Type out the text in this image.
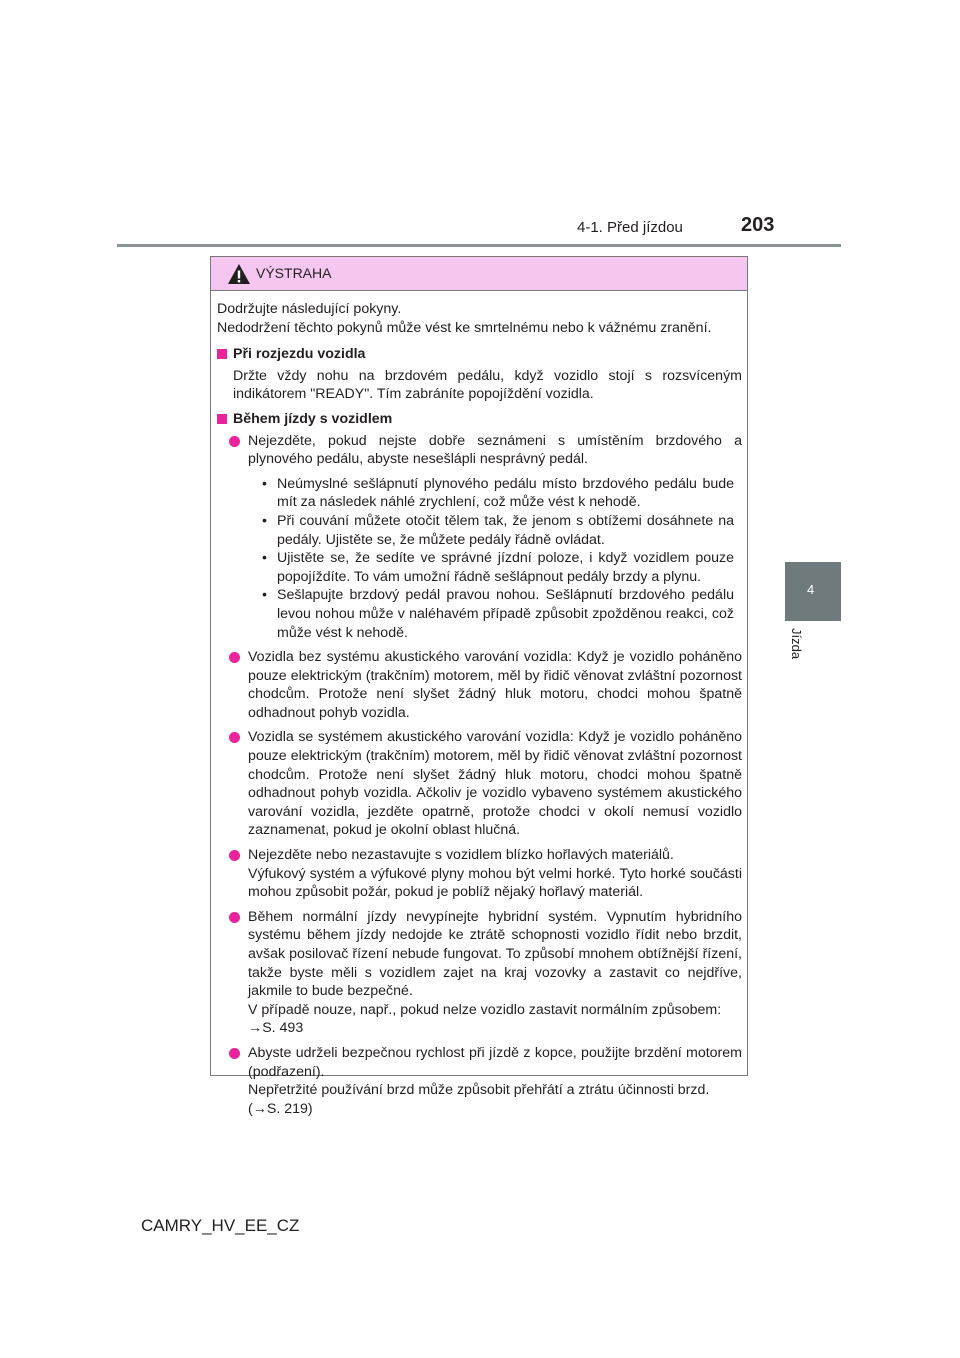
4-1. Před jízdou	203
4
Jízda
VÝSTRAHA

Dodržujte následující pokyny.

Nedodržení těchto pokynů může vést ke smrtelnému nebo k vážnému zranění.

Při rozjezdu vozidla

Držte vždy nohu na brzdovém pedálu, když vozidlo stojí s rozsvíceným indikátorem "READY". Tím zabráníte popojíždění vozidla.

Během jízdy s vozidlem

Nejezděte, pokud nejste dobře seznámeni s umístěním brzdového a plynového pedálu, abyste nesešlápli nesprávný pedál.

• Neúmyslné sešlápnutí plynového pedálu místo brzdového pedálu bude mít za následek náhlé zrychlení, což může vést k nehodě.

• Při couvání můžete otočit tělem tak, že jenom s obtížemi dosáhnete na pedály. Ujistěte se, že můžete pedály řádně ovládat.

• Ujistěte se, že sedíte ve správné jízdní poloze, i když vozidlem pouze popojíždíte. To vám umožní řádně sešlápnout pedály brzdy a plynu.

• Sešlapujte brzdový pedál pravou nohou. Sešlápnutí brzdového pedálu levou nohou může v naléhavém případě způsobit zpožděnou reakci, což může vést k nehodě.

Vozidla bez systému akustického varování vozidla: Když je vozidlo poháněno pouze elektrickým (trakčním) motorem, měl by řidič věnovat zvláštní pozornost chodcům. Protože není slyšet žádný hluk motoru, chodci mohou špatně odhadnout pohyb vozidla.

Vozidla se systémem akustického varování vozidla: Když je vozidlo poháněno pouze elektrickým (trakčním) motorem, měl by řidič věnovat zvláštní pozornost chodcům. Protože není slyšet žádný hluk motoru, chodci mohou špatně odhadnout pohyb vozidla. Ačkoliv je vozidlo vybaveno systémem akustického varování vozidla, jezděte opatrně, protože chodci v okolí nemusí vozidlo zaznamenat, pokud je okolní oblast hlučná.

Nejezděte nebo nezastavujte s vozidlem blízko hořlavých materiálů.

Výfukový systém a výfukové plyny mohou být velmi horké. Tyto horké součásti mohou způsobit požár, pokud je poblíž nějaký hořlavý materiál.

Během normální jízdy nevypínejte hybridní systém. Vypnutím hybridního systému během jízdy nedojde ke ztrátě schopnosti vozidlo řídit nebo brzdit, avšak posilovač řízení nebude fungovat. To způsobí mnohem obtížnější řízení, takže byste měli s vozidlem zajet na kraj vozovky a zastavit co nejdříve, jakmile to bude bezpečné.

V případě nouze, např., pokud nelze vozidlo zastavit normálním způsobem:

→S. 493

Abyste udrželi bezpečnou rychlost při jízdě z kopce, použijte brzdění motorem (podřazení).

Nepřetržité používání brzd může způsobit přehřátí a ztrátu účinnosti brzd.

(→S. 219)

CAMRY_HV_EE_CZ
